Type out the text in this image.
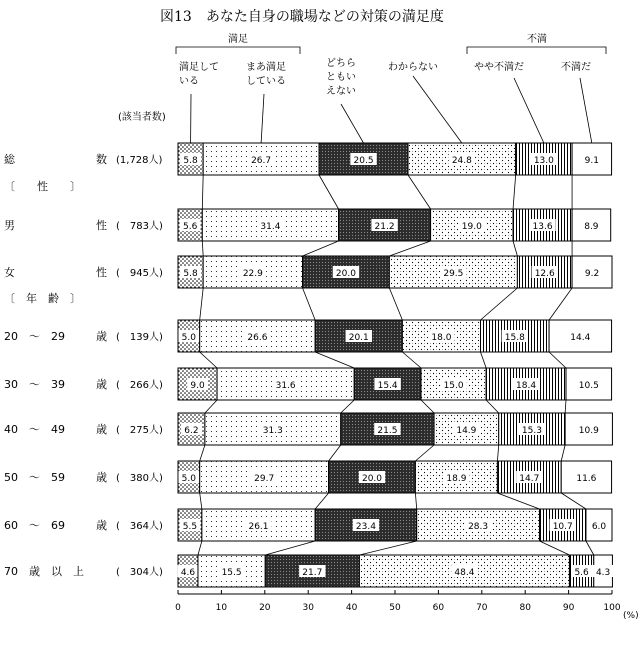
図13　あなた自身の職場などの対策の満足度
(該当者数)
満足している
まあ満足している
どちらともいえない
わからない	やや不満だ	不満だ
満足	不満
総	数 (1,728人) 5.8	26.7	20.5	24.8	13.0	9.1
〔　　性　　〕
男	性 (　783人) 5.6	31.4	21.2	19.0	13.6	8.9
女	性 (　945人) 5.8	22.9	20.0	29.5	12.6	9.2
〔　年　齢　〕
20　～　29	歳 (　139人) 5.0	26.6	20.1	18.0	15.8	14.4
30　～　39	歳 (　266人)	9.0	31.6	15.4	15.0	18.4	10.5
40　～　49	歳 (　275人) 6.2	31.3	21.5	14.9	15.3	10.9
50　～　59	歳 (　380人) 5.0	29.7	20.0	18.9	14.7	11.6
60　～　69	歳 (　364人) 5.5	26.1	23.4	28.3	10.7 6.0
70　歳　以　上	(　304人) 4.6	15.5	21.7	48.4	5.6 4.3
0	10	20	30	40	50	60	70	80	90	100
(%)
